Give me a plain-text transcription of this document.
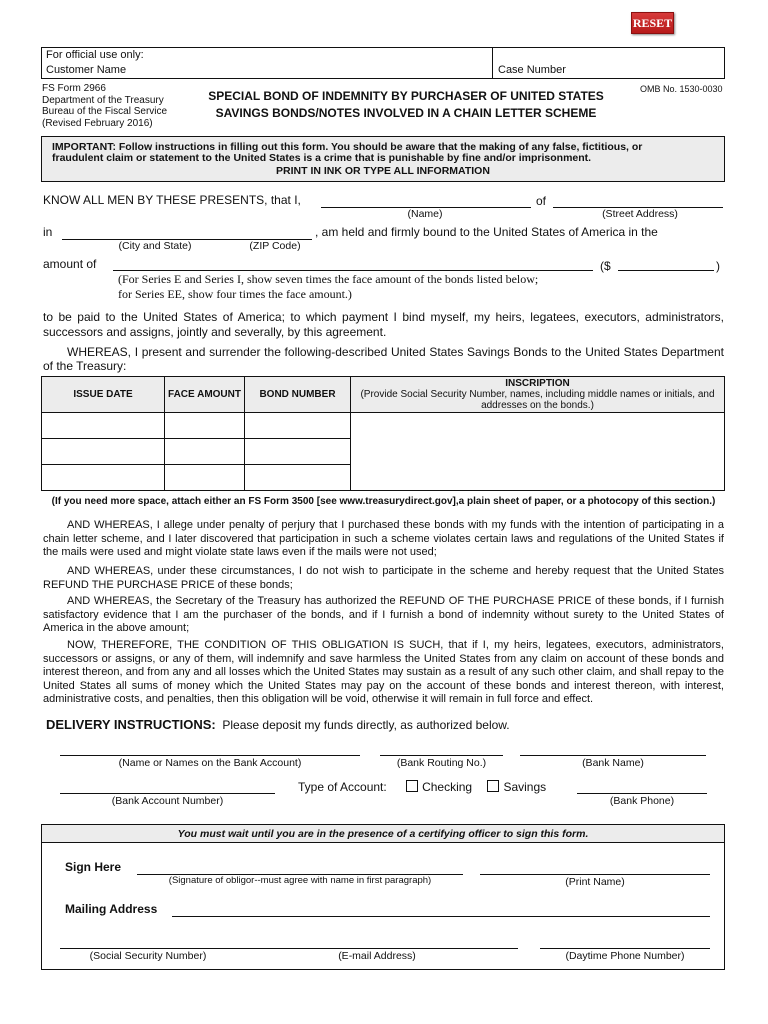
RESET
For official use only:
Customer Name	Case Number
FS Form 2966
Department of the Treasury
Bureau of the Fiscal Service
(Revised February 2016)
SPECIAL BOND OF INDEMNITY BY PURCHASER OF UNITED STATES
SAVINGS BONDS/NOTES INVOLVED IN A CHAIN LETTER SCHEME
OMB No. 1530-0030
IMPORTANT: Follow instructions in filling out this form. You should be aware that the making of any false, fictitious, or
fraudulent claim or statement to the United States is a crime that is punishable by fine and/or imprisonment.
PRINT IN INK OR TYPE ALL INFORMATION
KNOW ALL MEN BY THESE PRESENTS, that I,	of
(Name)	(Street Address)
in	, am held and firmly bound to the United States of America in the
(City and State)	(ZIP Code)
amount of	($	)
(For Series E and Series I, show seven times the face amount of the bonds listed below;
for Series EE, show four times the face amount.)
to be paid to the United States of America; to which payment I bind myself, my heirs, legatees, executors, administrators, successors and assigns, jointly and severally, by this agreement.
WHEREAS, I present and surrender the following-described United States Savings Bonds to the United States Department of the Treasury:
ISSUE DATE	FACE AMOUNT	BOND NUMBER	INSCRIPTION
(Provide Social Security Number, names, including middle names or initials, and addresses on the bonds.)

(If you need more space, attach either an FS Form 3500 [see www.treasurydirect.gov],a plain sheet of paper, or a photocopy of this section.)
AND WHEREAS, I allege under penalty of perjury that I purchased these bonds with my funds with the intention of participating in a chain letter scheme, and I later discovered that participation in such a scheme violates certain laws and regulations of the United States if the mails were used and might violate state laws even if the mails were not used;
AND WHEREAS, under these circumstances, I do not wish to participate in the scheme and hereby request that the United States REFUND THE PURCHASE PRICE of these bonds;
AND WHEREAS, the Secretary of the Treasury has authorized the REFUND OF THE PURCHASE PRICE of these bonds, if I furnish satisfactory evidence that I am the purchaser of the bonds, and if I furnish a bond of indemnity without surety to the United States of America in the above amount;
NOW, THEREFORE, THE CONDITION OF THIS OBLIGATION IS SUCH, that if I, my heirs, legatees, executors, administrators, successors or assigns, or any of them, will indemnify and save harmless the United States from any claim on account of these bonds and interest thereon, and from any and all losses which the United States may sustain as a result of any such other claim, and shall repay to the United States all sums of money which the United States may pay on the account of these bonds and interest thereon, with interest, administrative costs, and penalties, then this obligation will be void, otherwise it will remain in full force and effect.
DELIVERY INSTRUCTIONS: Please deposit my funds directly, as authorized below.
(Name or Names on the Bank Account)	(Bank Routing No.)	(Bank Name)
(Bank Account Number)
Type of Account:	Checking	Savings
(Bank Phone)
You must wait until you are in the presence of a certifying officer to sign this form.
Sign Here
(Signature of obligor--must agree with name in first paragraph)	(Print Name)
Mailing Address
(Social Security Number)	(E-mail Address)	(Daytime Phone Number)
